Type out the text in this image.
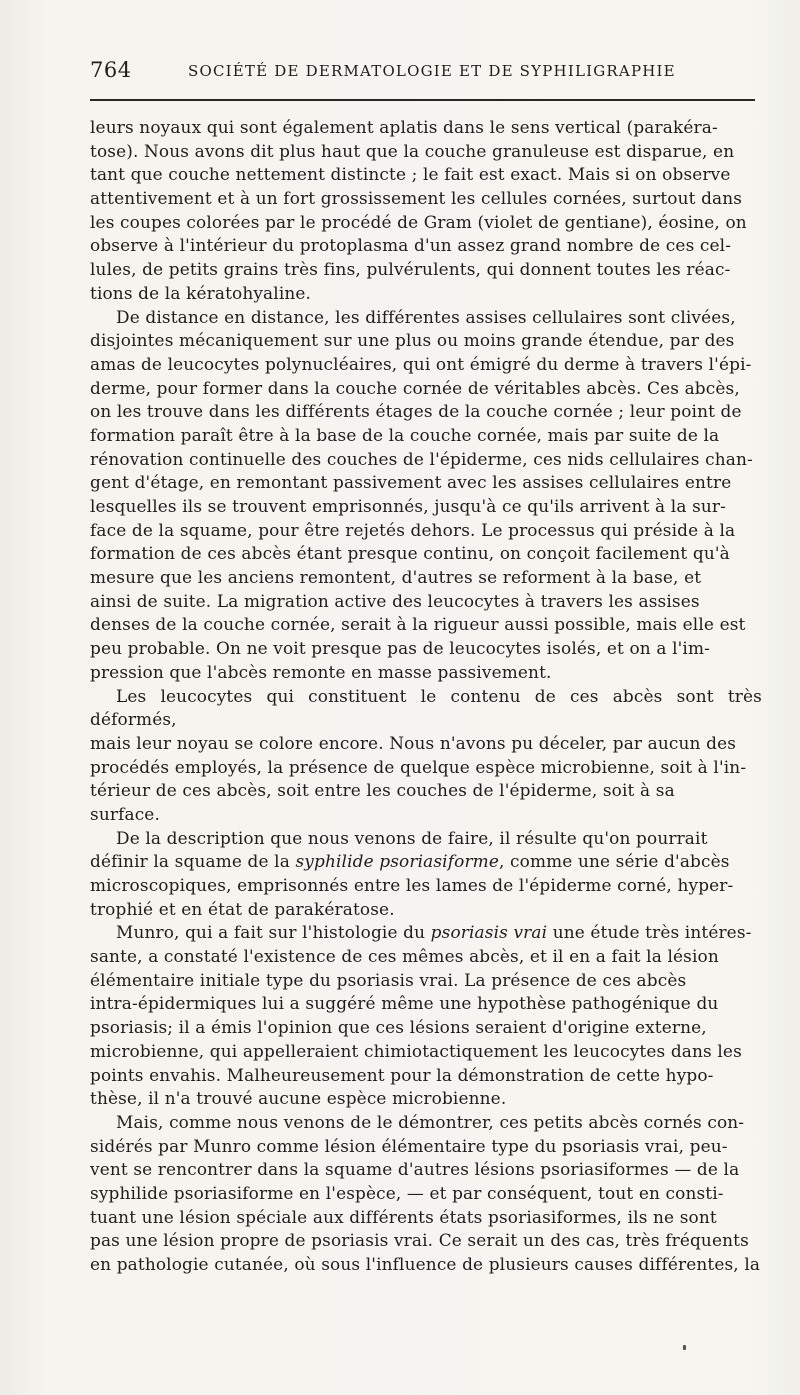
764	SOCIÉTÉ DE DERMATOLOGIE ET DE SYPHILIGRAPHIE

leurs noyaux qui sont également aplatis dans le sens vertical (parakéra-
tose). Nous avons dit plus haut que la couche granuleuse est disparue, en
tant que couche nettement distincte ; le fait est exact. Mais si on observe
attentivement et à un fort grossissement les cellules cornées, surtout dans
les coupes colorées par le procédé de Gram (violet de gentiane), éosine, on
observe à l'intérieur du protoplasma d'un assez grand nombre de ces cel-
lules, de petits grains très fins, pulvérulents, qui donnent toutes les réac-
tions de la kératohyaline.

De distance en distance, les différentes assises cellulaires sont clivées,
disjointes mécaniquement sur une plus ou moins grande étendue, par des
amas de leucocytes polynucléaires, qui ont émigré du derme à travers l'épi-
derme, pour former dans la couche cornée de véritables abcès. Ces abcès,
on les trouve dans les différents étages de la couche cornée ; leur point de
formation paraît être à la base de la couche cornée, mais par suite de la
rénovation continuelle des couches de l'épiderme, ces nids cellulaires chan-
gent d'étage, en remontant passivement avec les assises cellulaires entre
lesquelles ils se trouvent emprisonnés, jusqu'à ce qu'ils arrivent à la sur-
face de la squame, pour être rejetés dehors. Le processus qui préside à la
formation de ces abcès étant presque continu, on conçoit facilement qu'à
mesure que les anciens remontent, d'autres se reforment à la base, et
ainsi de suite. La migration active des leucocytes à travers les assises
denses de la couche cornée, serait à la rigueur aussi possible, mais elle est
peu probable. On ne voit presque pas de leucocytes isolés, et on a l'im-
pression que l'abcès remonte en masse passivement.

Les leucocytes qui constituent le contenu de ces abcès sont très déformés,
mais leur noyau se colore encore. Nous n'avons pu déceler, par aucun des
procédés employés, la présence de quelque espèce microbienne, soit à l'in-
térieur de ces abcès, soit entre les couches de l'épiderme, soit à sa
surface.

De la description que nous venons de faire, il résulte qu'on pourrait
définir la squame de la syphilide psoriasiforme, comme une série d'abcès
microscopiques, emprisonnés entre les lames de l'épiderme corné, hyper-
trophié et en état de parakératose.

Munro, qui a fait sur l'histologie du psoriasis vrai une étude très intéres-
sante, a constaté l'existence de ces mêmes abcès, et il en a fait la lésion
élémentaire initiale type du psoriasis vrai. La présence de ces abcès
intra-épidermiques lui a suggéré même une hypothèse pathogénique du
psoriasis; il a émis l'opinion que ces lésions seraient d'origine externe,
microbienne, qui appelleraient chimiotactiquement les leucocytes dans les
points envahis. Malheureusement pour la démonstration de cette hypo-
thèse, il n'a trouvé aucune espèce microbienne.

Mais, comme nous venons de le démontrer, ces petits abcès cornés con-
sidérés par Munro comme lésion élémentaire type du psoriasis vrai, peu-
vent se rencontrer dans la squame d'autres lésions psoriasiformes — de la
syphilide psoriasiforme en l'espèce, — et par conséquent, tout en consti-
tuant une lésion spéciale aux différents états psoriasiformes, ils ne sont
pas une lésion propre de psoriasis vrai. Ce serait un des cas, très fréquents
en pathologie cutanée, où sous l'influence de plusieurs causes différentes, la
